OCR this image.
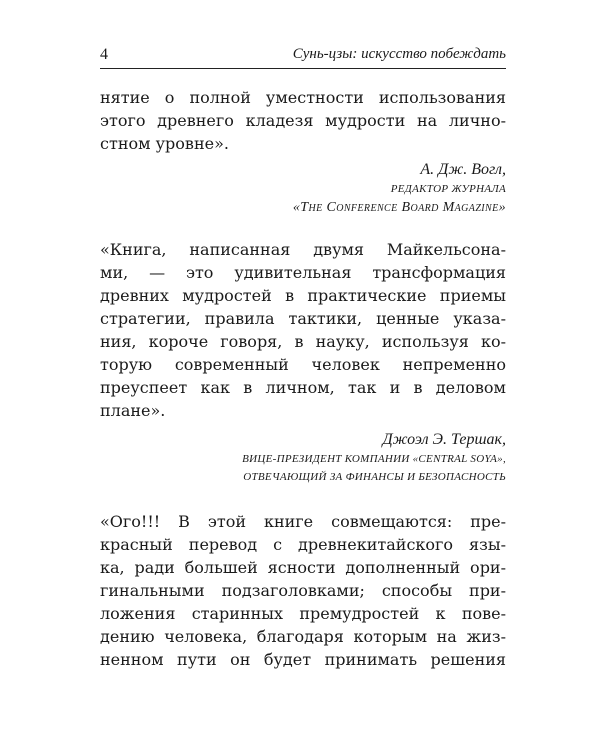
4	Сунь-цзы: искусство побеждать
нятие о полной уместности использования
этого древнего кладезя мудрости на лично-
стном уровне».
А. Дж. Вогл,
РЕДАКТОР ЖУРНАЛА
«The Conference Board Magazine»
«Книга, написанная двумя Майкельсона-
ми, — это удивительная трансформация
древних мудростей в практические приемы
стратегии, правила тактики, ценные указа-
ния, короче говоря, в науку, используя ко-
торую современный человек непременно
преуспеет как в личном, так и в деловом
плане».
Джоэл Э. Тершак,
ВИЦЕ-ПРЕЗИДЕНТ КОМПАНИИ «CENTRAL SOYA»,
ОТВЕЧАЮЩИЙ ЗА ФИНАНСЫ И БЕЗОПАСНОСТЬ
«Ого!!! В этой книге совмещаются: пре-
красный перевод с древнекитайского язы-
ка, ради большей ясности дополненный ори-
гинальными подзаголовками; способы при-
ложения старинных премудростей к пове-
дению человека, благодаря которым на жиз-
ненном пути он будет принимать решения
